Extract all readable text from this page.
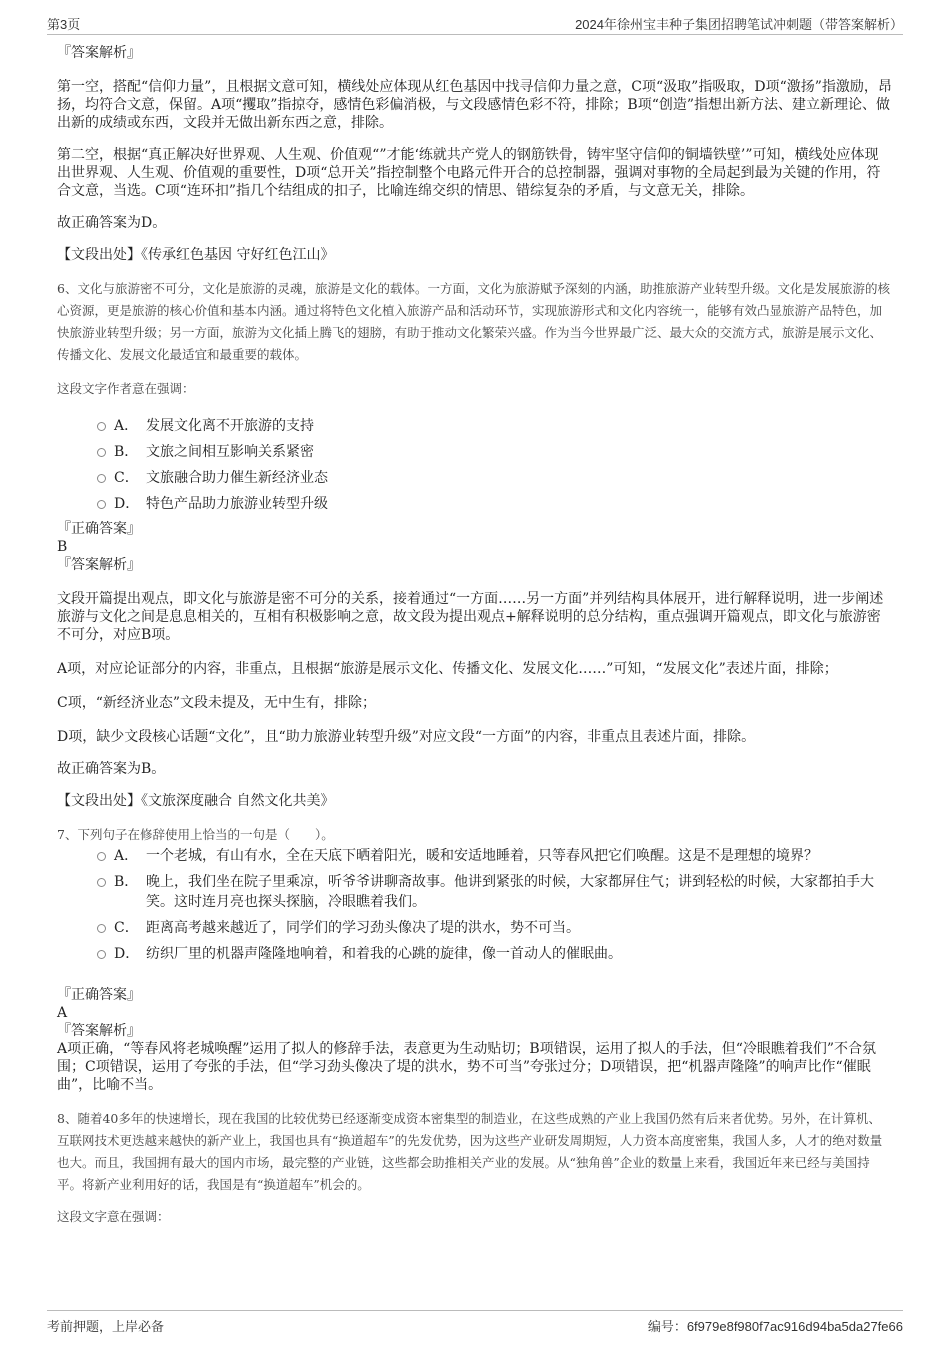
第3页	2024年徐州宝丰种子集团招聘笔试冲刺题（带答案解析）

『答案解析』

第一空，搭配“信仰力量”，且根据文意可知，横线处应体现从红色基因中找寻信仰力量之意，C项“汲取”指吸取，D项“激扬”指激励，昂扬，均符合文意，保留。A项“攫取”指掠夺，感情色彩偏消极，与文段感情色彩不符，排除；B项“创造”指想出新方法、建立新理论、做出新的成绩或东西，文段并无做出新东西之意，排除。

第二空，根据“真正解决好世界观、人生观、价值观“”才能‘练就共产党人的钢筋铁骨，铸牢坚守信仰的铜墙铁壁’”可知，横线处应体现出世界观、人生观、价值观的重要性，D项“总开关”指控制整个电路元件开合的总控制器，强调对事物的全局起到最为关键的作用，符合文意，当选。C项“连环扣”指几个结组成的扣子，比喻连绵交织的情思、错综复杂的矛盾，与文意无关，排除。

故正确答案为D。

【文段出处】《传承红色基因 守好红色江山》

6、文化与旅游密不可分，文化是旅游的灵魂，旅游是文化的载体。一方面，文化为旅游赋予深刻的内涵，助推旅游产业转型升级。文化是发展旅游的核心资源，更是旅游的核心价值和基本内涵。通过将特色文化植入旅游产品和活动环节，实现旅游形式和文化内容统一，能够有效凸显旅游产品特色，加快旅游业转型升级；另一方面，旅游为文化插上腾飞的翅膀，有助于推动文化繁荣兴盛。作为当今世界最广泛、最大众的交流方式，旅游是展示文化、传播文化、发展文化最适宜和最重要的载体。

这段文字作者意在强调：

A． 发展文化离不开旅游的支持
B． 文旅之间相互影响关系紧密
C． 文旅融合助力催生新经济业态
D． 特色产品助力旅游业转型升级

『正确答案』

B

『答案解析』

文段开篇提出观点，即文化与旅游是密不可分的关系，接着通过“一方面……另一方面”并列结构具体展开，进行解释说明，进一步阐述旅游与文化之间是息息相关的，互相有积极影响之意，故文段为提出观点+解释说明的总分结构，重点强调开篇观点，即文化与旅游密不可分，对应B项。

A项，对应论证部分的内容，非重点，且根据“旅游是展示文化、传播文化、发展文化……”可知，“发展文化”表述片面，排除；

C项，“新经济业态”文段未提及，无中生有，排除；

D项，缺少文段核心话题“文化”，且“助力旅游业转型升级”对应文段“一方面”的内容，非重点且表述片面，排除。

故正确答案为B。

【文段出处】《文旅深度融合 自然文化共美》

7、下列句子在修辞使用上恰当的一句是（　　）。

A． 一个老城，有山有水，全在天底下晒着阳光，暖和安适地睡着，只等春风把它们唤醒。这是不是理想的境界？
B． 晚上，我们坐在院子里乘凉，听爷爷讲聊斋故事。他讲到紧张的时候，大家都屏住气；讲到轻松的时候，大家都拍手大笑。这时连月亮也探头探脑，冷眼瞧着我们。
C． 距离高考越来越近了，同学们的学习劲头像决了堤的洪水，势不可当。
D． 纺织厂里的机器声隆隆地响着，和着我的心跳的旋律，像一首动人的催眠曲。

『正确答案』

A

『答案解析』

A项正确，“等春风将老城唤醒”运用了拟人的修辞手法，表意更为生动贴切；B项错误，运用了拟人的手法，但“冷眼瞧着我们”不合氛围；C项错误，运用了夸张的手法，但“学习劲头像决了堤的洪水，势不可当”夸张过分；D项错误，把“机器声隆隆”的响声比作“催眠曲”，比喻不当。

8、随着40多年的快速增长，现在我国的比较优势已经逐渐变成资本密集型的制造业，在这些成熟的产业上我国仍然有后来者优势。另外，在计算机、互联网技术更迭越来越快的新产业上，我国也具有“换道超车”的先发优势，因为这些产业研发周期短，人力资本高度密集，我国人多，人才的绝对数量也大。而且，我国拥有最大的国内市场，最完整的产业链，这些都会助推相关产业的发展。从“独角兽”企业的数量上来看，我国近年来已经与美国持平。将新产业利用好的话，我国是有“换道超车”机会的。

这段文字意在强调：

考前押题，上岸必备	编号：6f979e8f980f7ac916d94ba5da27fe66
